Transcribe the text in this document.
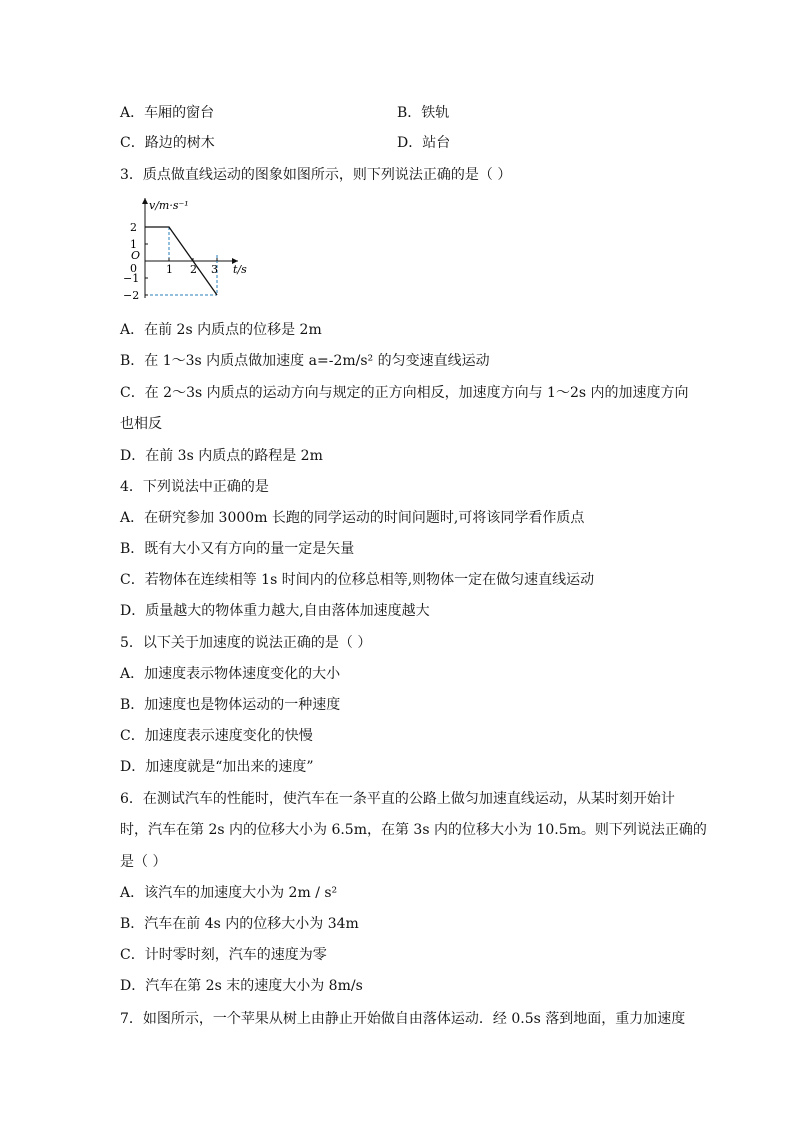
A．车厢的窗台	B．铁轨
C．路边的树木	D．站台
3．质点做直线运动的图象如图所示，则下列说法正确的是（ ）
v/m·s⁻¹
t/s
O
1 2 3
2
1
0
−1
−2
A．在前 2s 内质点的位移是 2m
B．在 1～3s 内质点做加速度 a=-2m/s² 的匀变速直线运动
C．在 2～3s 内质点的运动方向与规定的正方向相反，加速度方向与 1～2s 内的加速度方向
也相反
D．在前 3s 内质点的路程是 2m
4．下列说法中正确的是
A．在研究参加 3000m 长跑的同学运动的时间问题时,可将该同学看作质点
B．既有大小又有方向的量一定是矢量
C．若物体在连续相等 1s 时间内的位移总相等,则物体一定在做匀速直线运动
D．质量越大的物体重力越大,自由落体加速度越大
5．以下关于加速度的说法正确的是（ ）
A．加速度表示物体速度变化的大小
B．加速度也是物体运动的一种速度
C．加速度表示速度变化的快慢
D．加速度就是“加出来的速度”
6．在测试汽车的性能时，使汽车在一条平直的公路上做匀加速直线运动，从某时刻开始计
时，汽车在第 2s 内的位移大小为 6.5m，在第 3s 内的位移大小为 10.5m。则下列说法正确的
是（ ）
A．该汽车的加速度大小为 2m / s²
B．汽车在前 4s 内的位移大小为 34m
C．计时零时刻，汽车的速度为零
D．汽车在第 2s 末的速度大小为 8m/s
7．如图所示，一个苹果从树上由静止开始做自由落体运动．经 0.5s 落到地面，重力加速度
